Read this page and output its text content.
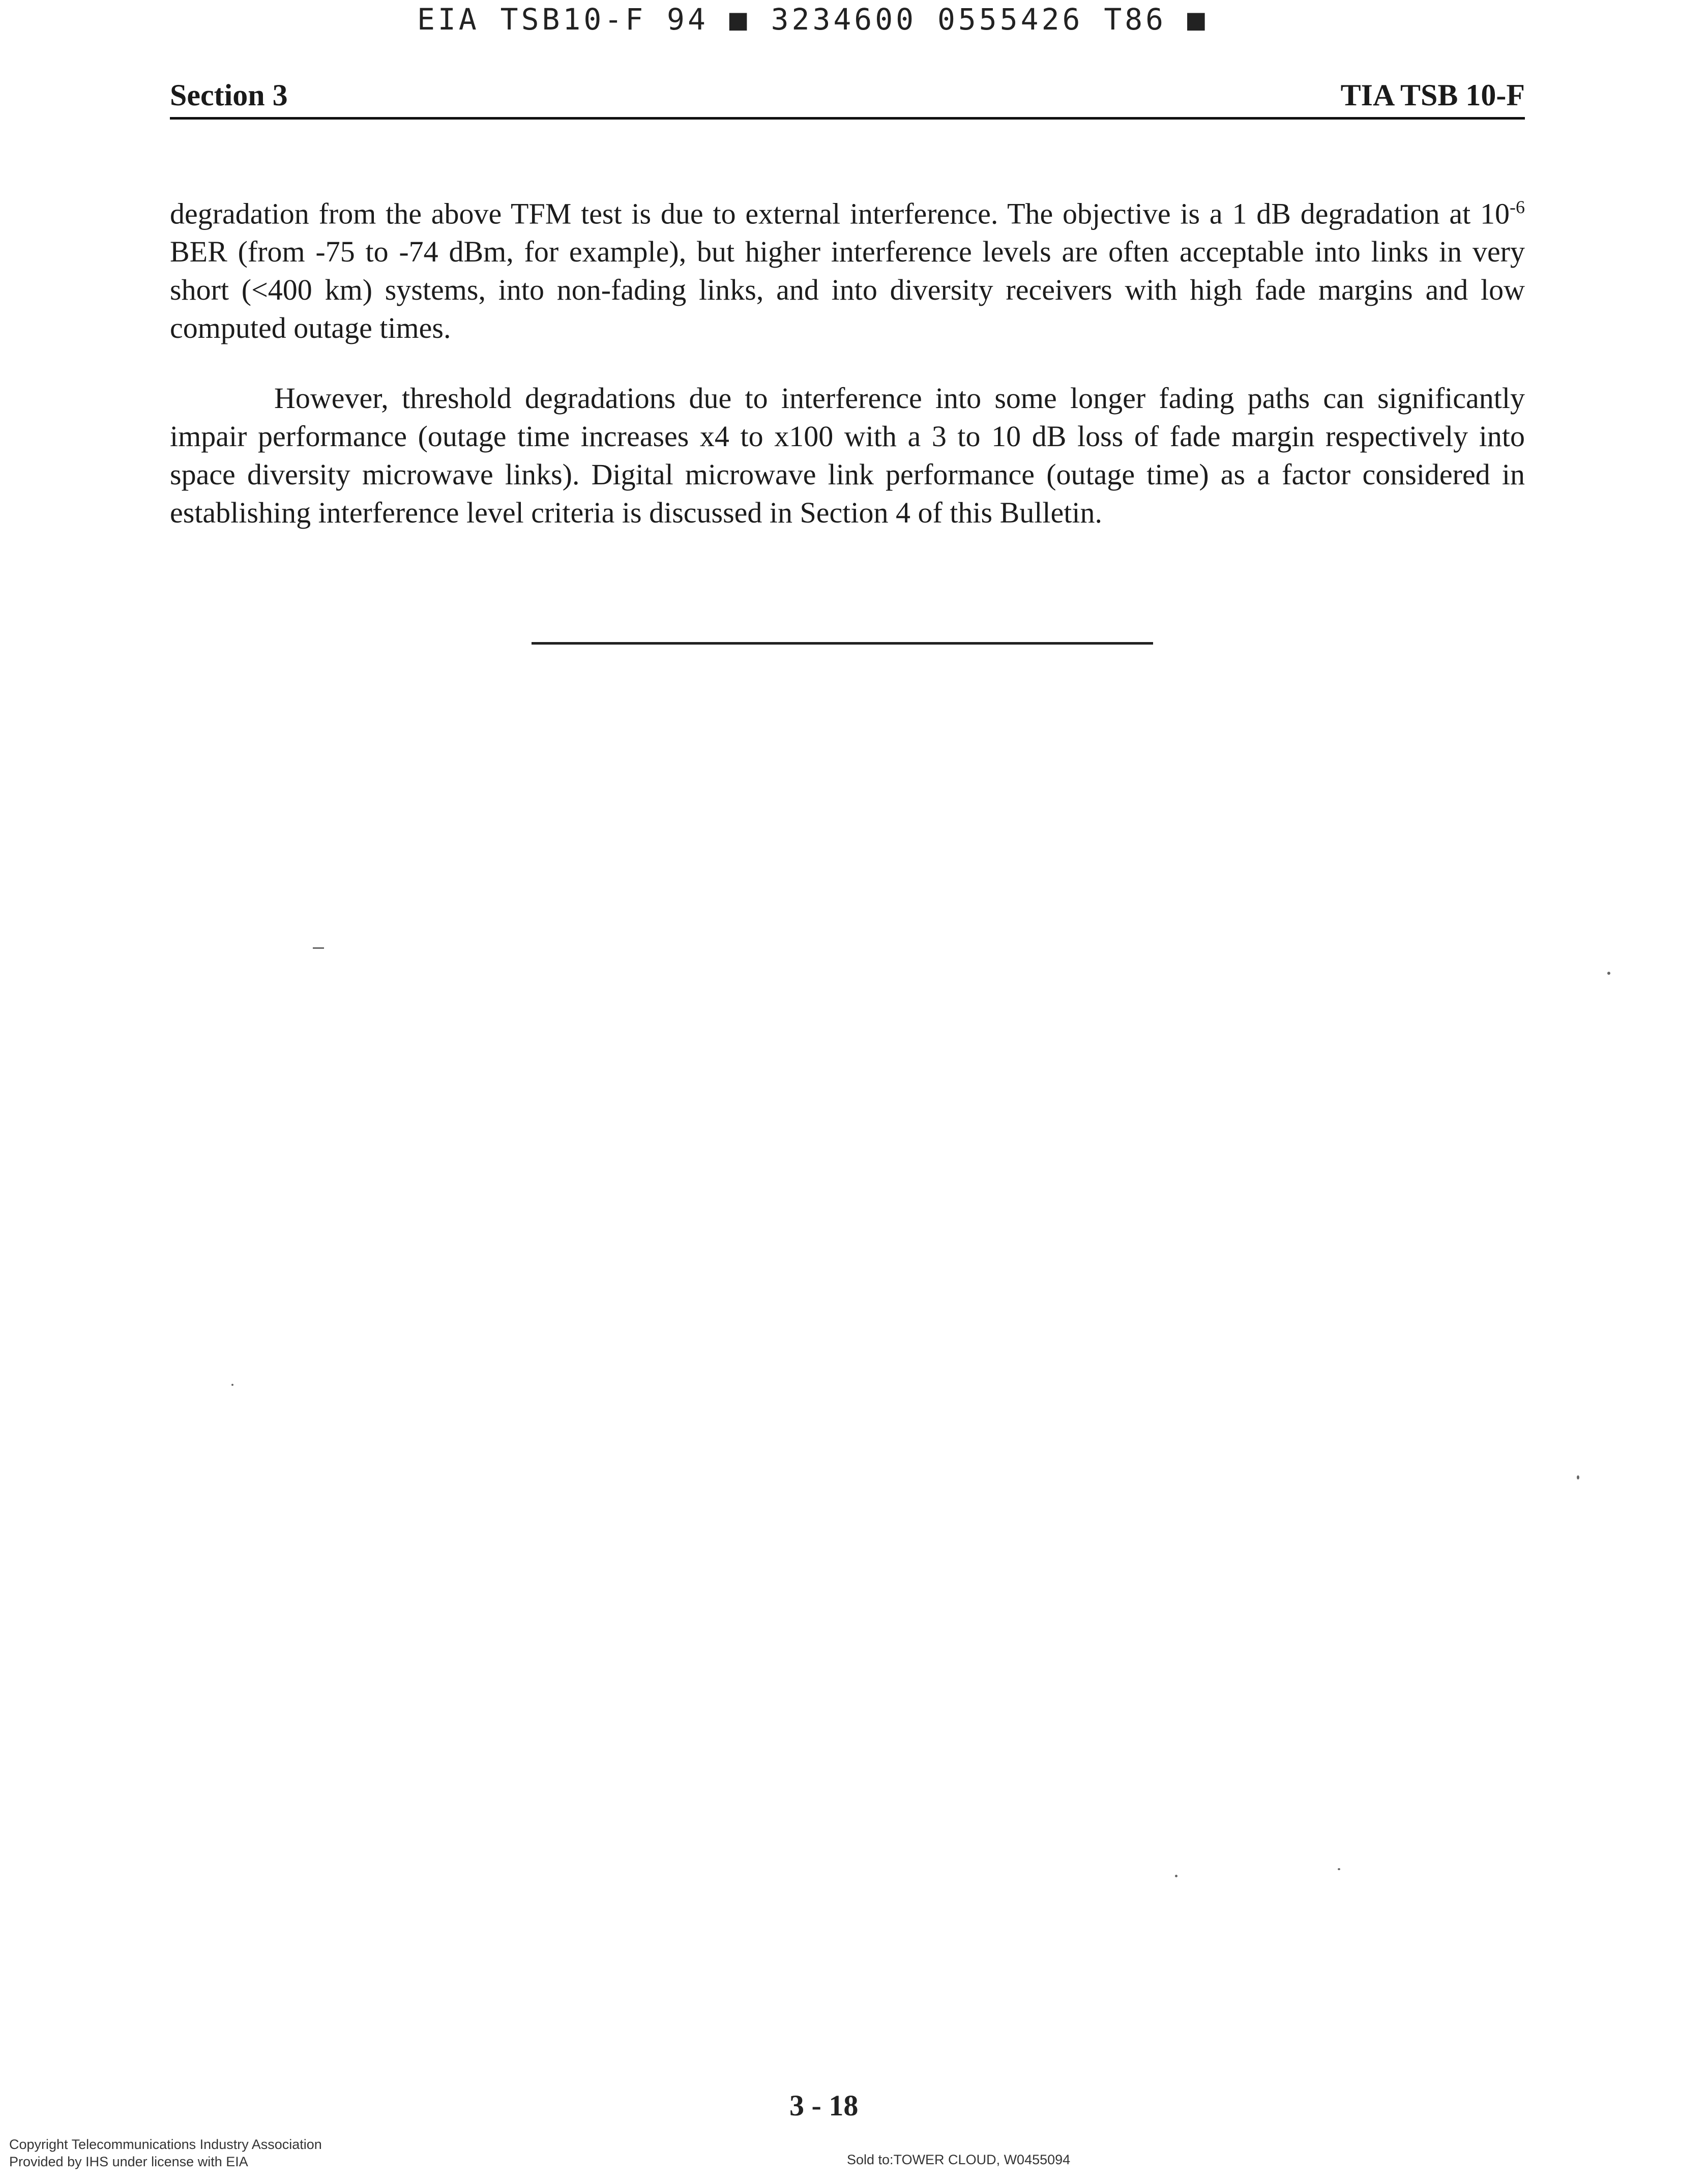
EIA TSB10-F 94 ■ 3234600 0555426 T86 ■
Section 3	TIA TSB 10-F

degradation from the above TFM test is due to external interference. The objective is a 1 dB degradation at $10^{-6}$ BER (from -75 to -74 dBm, for example), but higher interference levels are often acceptable into links in very short (<400 km) systems, into non-fading links, and into diversity receivers with high fade margins and low computed outage times.

However, threshold degradations due to interference into some longer fading paths can significantly impair performance (outage time increases x4 to x100 with a 3 to 10 dB loss of fade margin respectively into space diversity microwave links). Digital microwave link performance (outage time) as a factor considered in establishing interference level criteria is discussed in Section 4 of this Bulletin.

3 - 18
Copyright Telecommunications Industry Association
Provided by IHS under license with EIA	Sold to:TOWER CLOUD, W0455094
